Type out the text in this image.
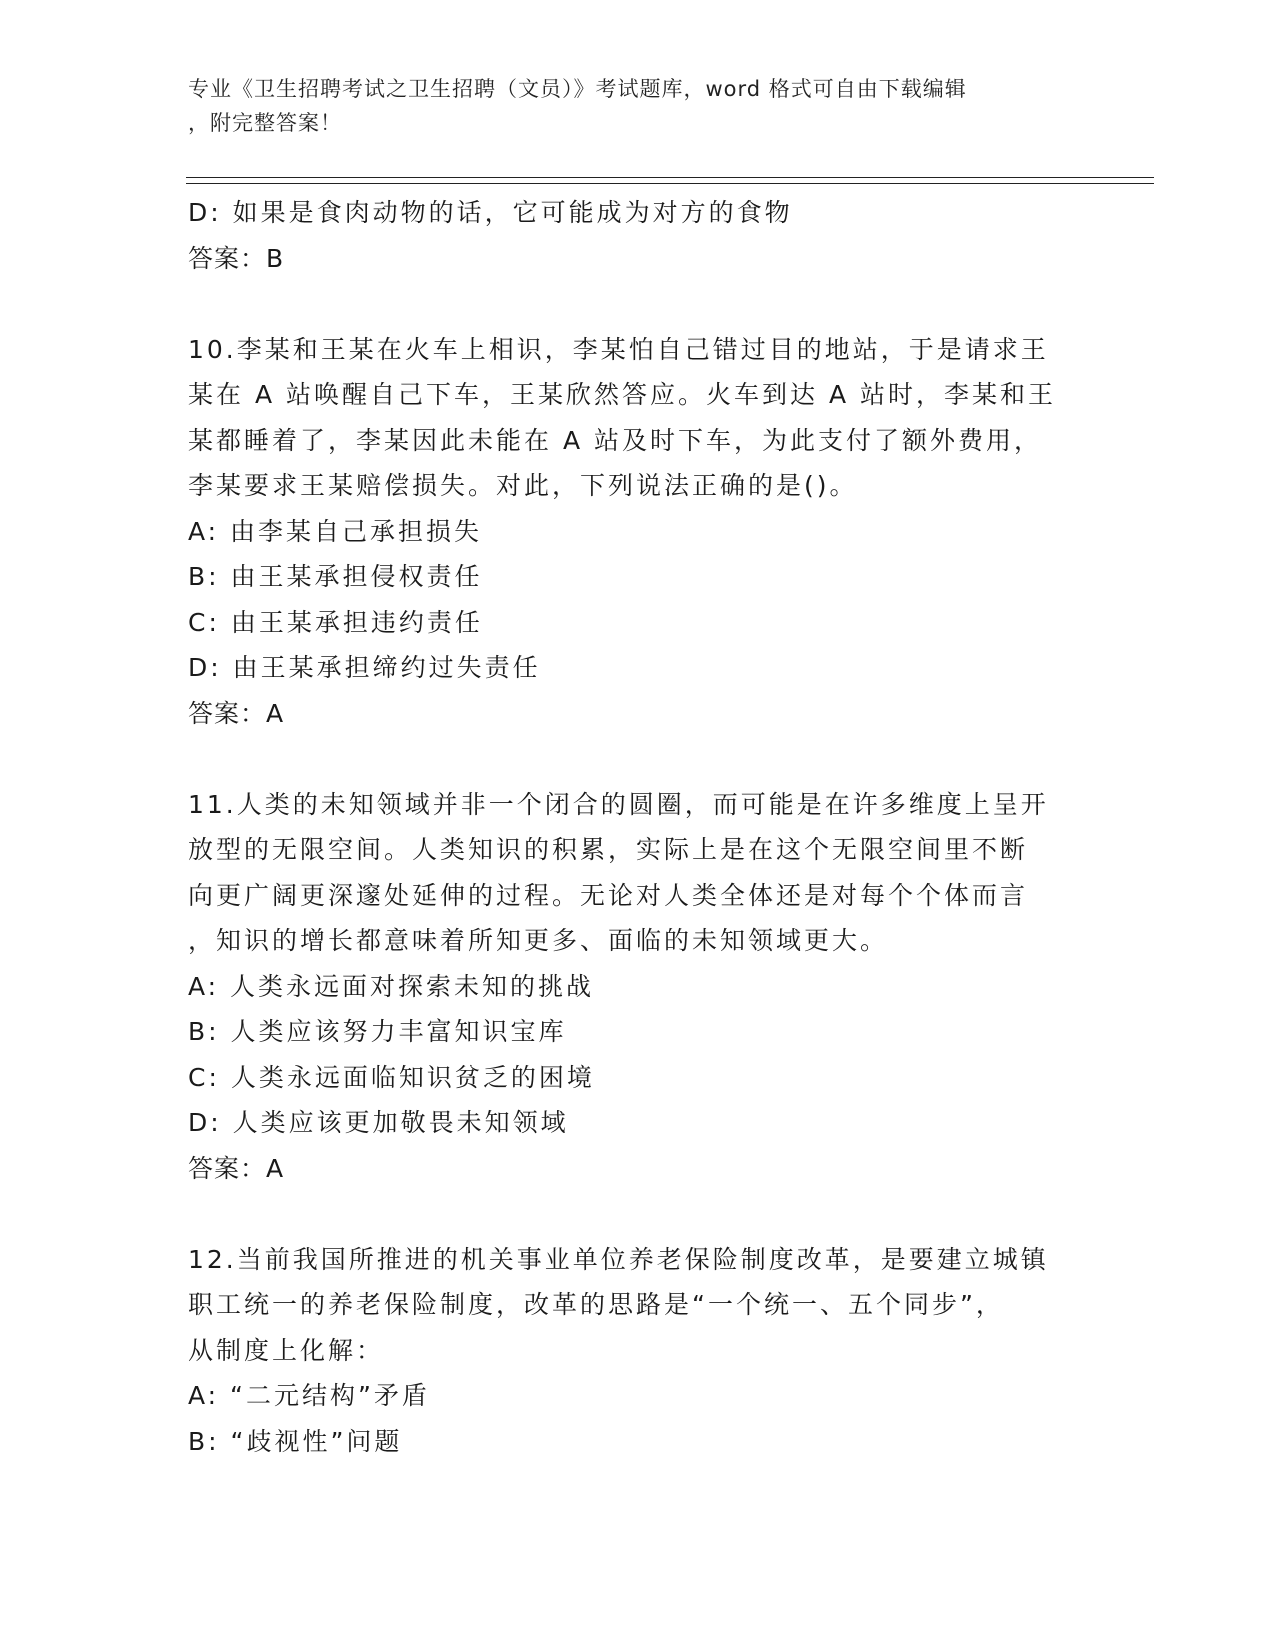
专业《卫生招聘考试之卫生招聘（文员）》考试题库，word 格式可自由下载编辑
，附完整答案！
D: 如果是食肉动物的话，它可能成为对方的食物
答案：B
10.李某和王某在火车上相识，李某怕自己错过目的地站，于是请求王
某在 A 站唤醒自己下车，王某欣然答应。火车到达 A 站时，李某和王
某都睡着了，李某因此未能在 A 站及时下车，为此支付了额外费用，
李某要求王某赔偿损失。对此，下列说法正确的是()。
A: 由李某自己承担损失
B: 由王某承担侵权责任
C: 由王某承担违约责任
D: 由王某承担缔约过失责任
答案：A
11.人类的未知领域并非一个闭合的圆圈，而可能是在许多维度上呈开
放型的无限空间。人类知识的积累，实际上是在这个无限空间里不断
向更广阔更深邃处延伸的过程。无论对人类全体还是对每个个体而言
，知识的增长都意味着所知更多、面临的未知领域更大。
A: 人类永远面对探索未知的挑战
B: 人类应该努力丰富知识宝库
C: 人类永远面临知识贫乏的困境
D: 人类应该更加敬畏未知领域
答案：A
12.当前我国所推进的机关事业单位养老保险制度改革，是要建立城镇
职工统一的养老保险制度，改革的思路是“一个统一、五个同步”，
从制度上化解：
A: “二元结构”矛盾
B: “歧视性”问题
